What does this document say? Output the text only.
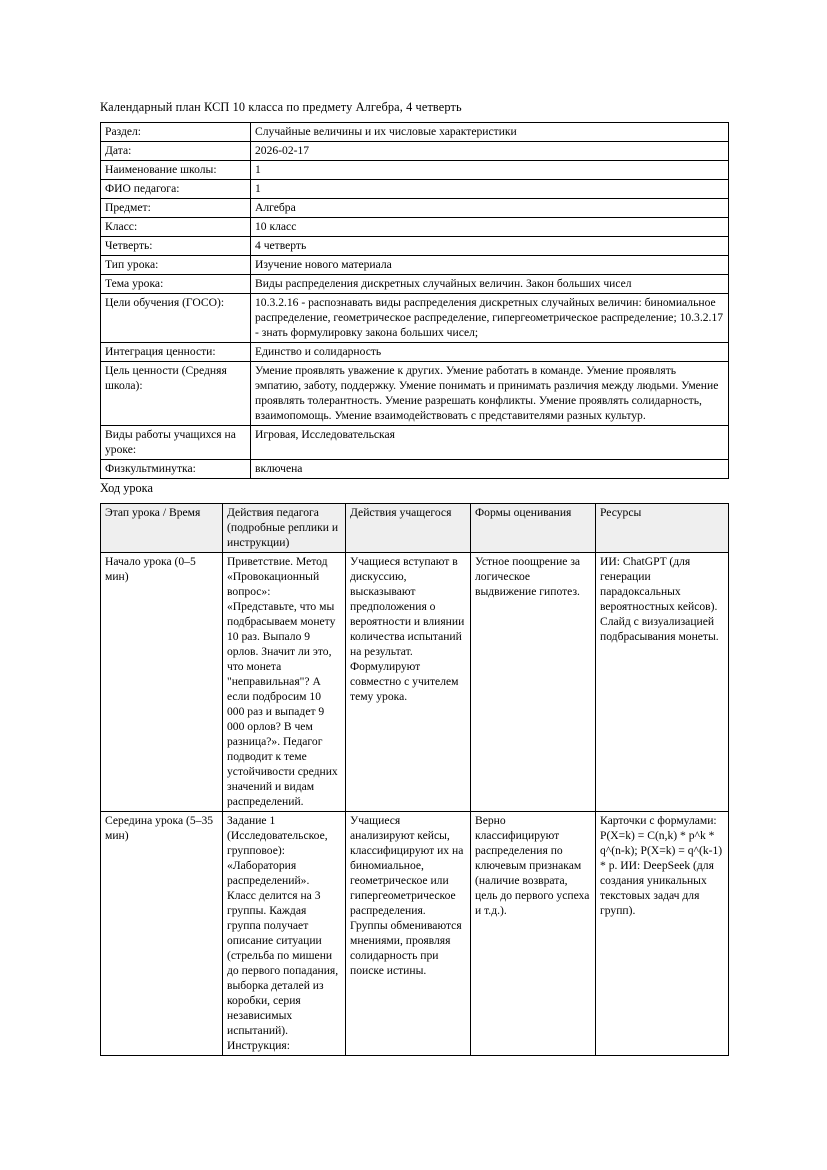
Календарный план КСП 10 класса по предмету Алгебра, 4 четверть
Раздел:	Случайные величины и их числовые характеристики
Дата:	2026-02-17
Наименование школы:	1
ФИО педагога:	1
Предмет:	Алгебра
Класс:	10 класс
Четверть:	4 четверть
Тип урока:	Изучение нового материала
Тема урока:	Виды распределения дискретных случайных величин. Закон больших чисел
Цели обучения (ГОСО):	10.3.2.16 - распознавать виды распределения дискретных случайных величин: биномиальное распределение, геометрическое распределение, гипергеометрическое распределение; 10.3.2.17 - знать формулировку закона больших чисел;
Интеграция ценности:	Единство и солидарность
Цель ценности (Средняя школа):	Умение проявлять уважение к других. Умение работать в команде. Умение проявлять эмпатию, заботу, поддержку. Умение понимать и принимать различия между людьми. Умение проявлять толерантность. Умение разрешать конфликты. Умение проявлять солидарность, взаимопомощь. Умение взаимодействовать с представителями разных культур.
Виды работы учащихся на уроке:	Игровая, Исследовательская
Физкультминутка:	включена
Ход урока
Этап урока / Время	Действия педагога (подробные реплики и инструкции)	Действия учащегося	Формы оценивания	Ресурсы
Начало урока (0–5 мин)	Приветствие. Метод «Провокационный вопрос»: «Представьте, что мы подбрасываем монету 10 раз. Выпало 9 орлов. Значит ли это, что монета "неправильная"? А если подбросим 10 000 раз и выпадет 9 000 орлов? В чем разница?». Педагог подводит к теме устойчивости средних значений и видам распределений.	Учащиеся вступают в дискуссию, высказывают предположения о вероятности и влиянии количества испытаний на результат. Формулируют совместно с учителем тему урока.	Устное поощрение за логическое выдвижение гипотез.	ИИ: ChatGPT (для генерации парадоксальных вероятностных кейсов). Слайд с визуализацией подбрасывания монеты.
Середина урока (5–35 мин)	Задание 1 (Исследовательское, групповое): «Лаборатория распределений». Класс делится на 3 группы. Каждая группа получает описание ситуации (стрельба по мишени до первого попадания, выборка деталей из коробки, серия независимых испытаний). Инструкция:	Учащиеся анализируют кейсы, классифицируют их на биномиальное, геометрическое или гипергеометрическое распределения. Группы обмениваются мнениями, проявляя солидарность при поиске истины.	Верно классифицируют распределения по ключевым признакам (наличие возврата, цель до первого успеха и т.д.).	Карточки с формулами: P(X=k) = C(n,k) * p^k * q^(n-k); P(X=k) = q^(k-1) * p. ИИ: DeepSeek (для создания уникальных текстовых задач для групп).
